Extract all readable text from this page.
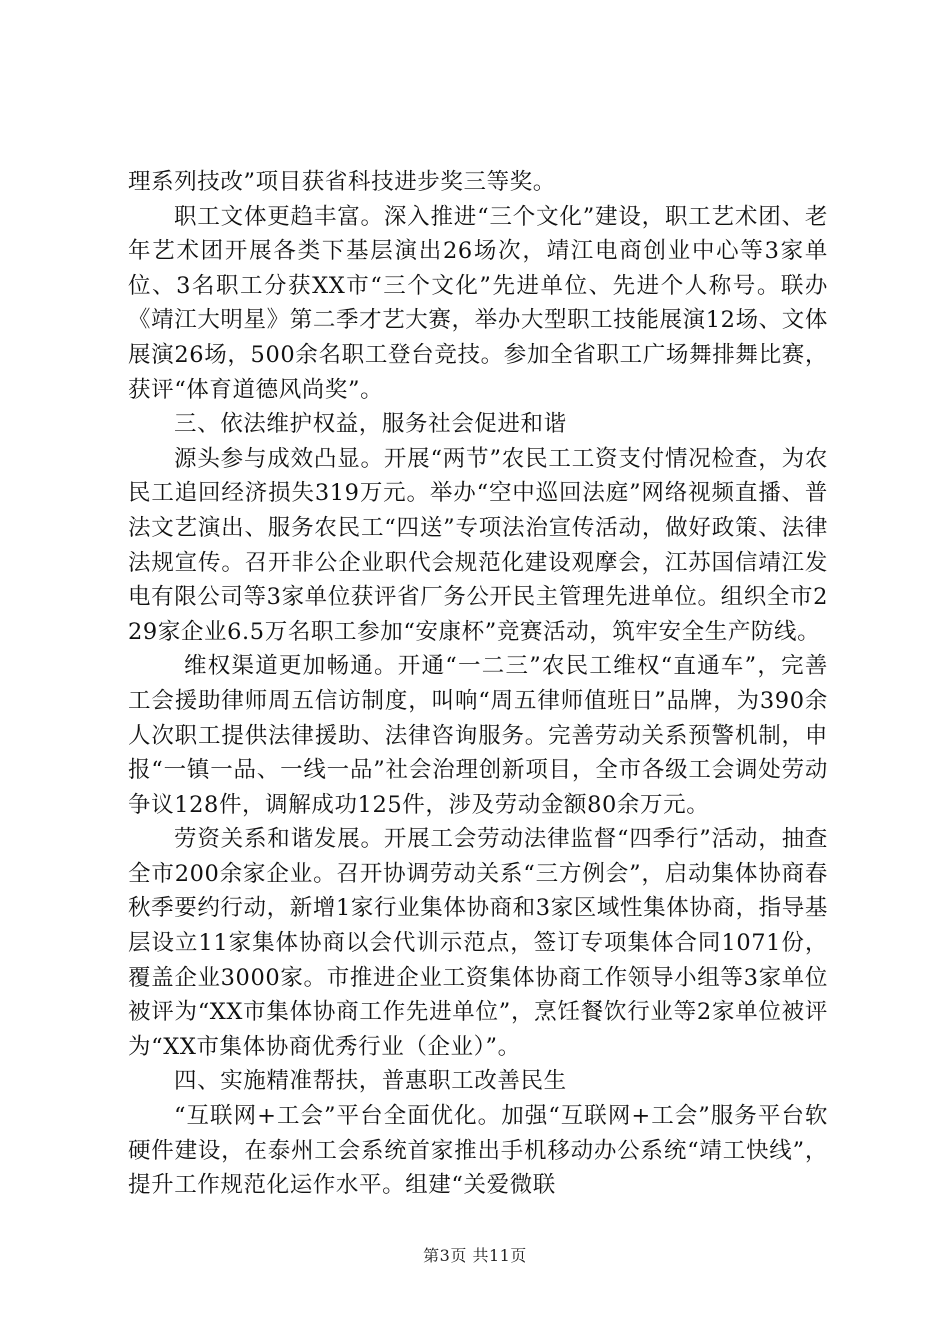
理系列技改”项目获省科技进步奖三等奖。

职工文体更趋丰富。深入推进“三个文化”建设，职工艺术团、老年艺术团开展各类下基层演出26场次，靖江电商创业中心等3家单位、3名职工分获XX市“三个文化”先进单位、先进个人称号。联办《靖江大明星》第二季才艺大赛，举办大型职工技能展演12场、文体展演26场，500余名职工登台竞技。参加全省职工广场舞排舞比赛，获评“体育道德风尚奖”。

三、依法维护权益，服务社会促进和谐

源头参与成效凸显。开展“两节”农民工工资支付情况检查，为农民工追回经济损失319万元。举办“空中巡回法庭”网络视频直播、普法文艺演出、服务农民工“四送”专项法治宣传活动，做好政策、法律法规宣传。召开非公企业职代会规范化建设观摩会，江苏国信靖江发电有限公司等3家单位获评省厂务公开民主管理先进单位。组织全市229家企业6.5万名职工参加“安康杯”竞赛活动，筑牢安全生产防线。

维权渠道更加畅通。开通“一二三”农民工维权“直通车”，完善工会援助律师周五信访制度，叫响“周五律师值班日”品牌，为390余人次职工提供法律援助、法律咨询服务。完善劳动关系预警机制，申报“一镇一品、一线一品”社会治理创新项目，全市各级工会调处劳动争议128件，调解成功125件，涉及劳动金额80余万元。

劳资关系和谐发展。开展工会劳动法律监督“四季行”活动，抽查全市200余家企业。召开协调劳动关系“三方例会”，启动集体协商春秋季要约行动，新增1家行业集体协商和3家区域性集体协商，指导基层设立11家集体协商以会代训示范点，签订专项集体合同1071份，覆盖企业3000家。市推进企业工资集体协商工作领导小组等3家单位被评为“XX市集体协商工作先进单位”，烹饪餐饮行业等2家单位被评为“XX市集体协商优秀行业（企业）”。

四、实施精准帮扶，普惠职工改善民生

“互联网+工会”平台全面优化。加强“互联网+工会”服务平台软硬件建设，在泰州工会系统首家推出手机移动办公系统“靖工快线”，提升工作规范化运作水平。组建“关爱微联

第3页 共11页
